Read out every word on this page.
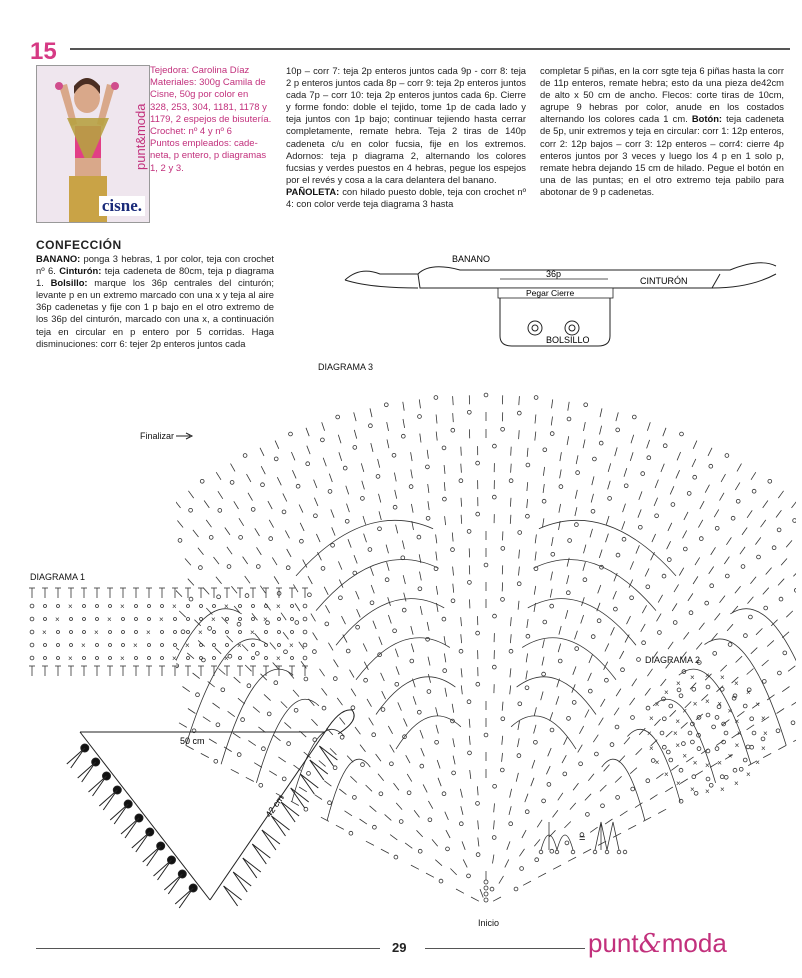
15
punt&moda
cisne.
Tejedora: Carolina Díaz
Materiales: 300g Camila de
Cisne, 50g por color en
328, 253, 304, 1181, 1178 y
1179, 2 espejos de bisutería.
Crochet: nº 4 y nº 6
Puntos empleados: cade-
neta, p entero, p diagramas
1, 2 y 3.
CONFECCIÓN
BANANO: ponga 3 hebras, 1 por color, teja con crochet nº 6. Cinturón: teja cadeneta de 80cm, teja p diagrama 1. Bolsillo: marque los 36p centrales del cinturón; levante p en un extremo marcado con una x y teja al aire 36p cadenetas y fije con 1 p bajo en el otro extremo de los 36p del cinturón, marcado con una x, a continuación teja en circular en p entero por 5 corridas. Haga disminuciones: corr 6: tejer 2p enteros juntos cada
10p – corr 7: teja 2p enteros juntos cada 9p - corr 8: teja 2 p enteros juntos cada 8p – corr 9: teja 2p enteros juntos cada 7p – corr 10: teja 2p enteros juntos cada 6p. Cierre y forme fondo: doble el tejido, tome 1p de cada lado y teja juntos con 1p bajo; continuar tejiendo hasta cerrar completamente, remate hebra. Teja 2 tiras de 140p cadeneta c/u en color fucsia, fije en los extremos. Adornos: teja p diagrama 2, alternando los colores fucsias y verdes puestos en 4 hebras, pegue los espejos por el revés y cosa a la cara delantera del banano.
PAÑOLETA: con hilado puesto doble, teja con crochet nº 4: con color verde teja diagrama 3 hasta
completar 5 piñas, en la corr sgte teja 6 piñas hasta la corr de 11p enteros, remate hebra; esto da una pieza de42cm de alto x 50 cm de ancho. Flecos: corte tiras de 10cm, agrupe 9 hebras por color, anude en los costados alternando los colores cada 1 cm. Botón: teja cadeneta de 5p, unir extremos y teja en circular: corr 1: 12p enteros, corr 2: 12p bajos – corr 3: 12p enteros – corr4: cierre 4p enteros juntos por 3 veces y luego los 4 p en 1 solo p, remate hebra dejando 15 cm de hilado. Pegue el botón en una de las puntas; en el otro extremo teja pabilo para abotonar de 9 p cadenetas.
BANANO
36p
CINTURÓN
Pegar Cierre
BOLSILLO
DIAGRAMA 3
Finalizar
Inicio
DIAGRAMA 1
×	×	×	×	×
×	×	×	×	×
×	×	×	×	×
×	×	×	×	×
×	×	×	×	×	DIAGRAMA 2
×
×
×
×
×
×
×
×
×
×
×
× × ×
×
×
×
×
×
×
×
×
×
×
×
×
×
×
×
×
×
×
×
× × ×
×
×
×
×
50 cm
42 cm
=
29	punt&moda
